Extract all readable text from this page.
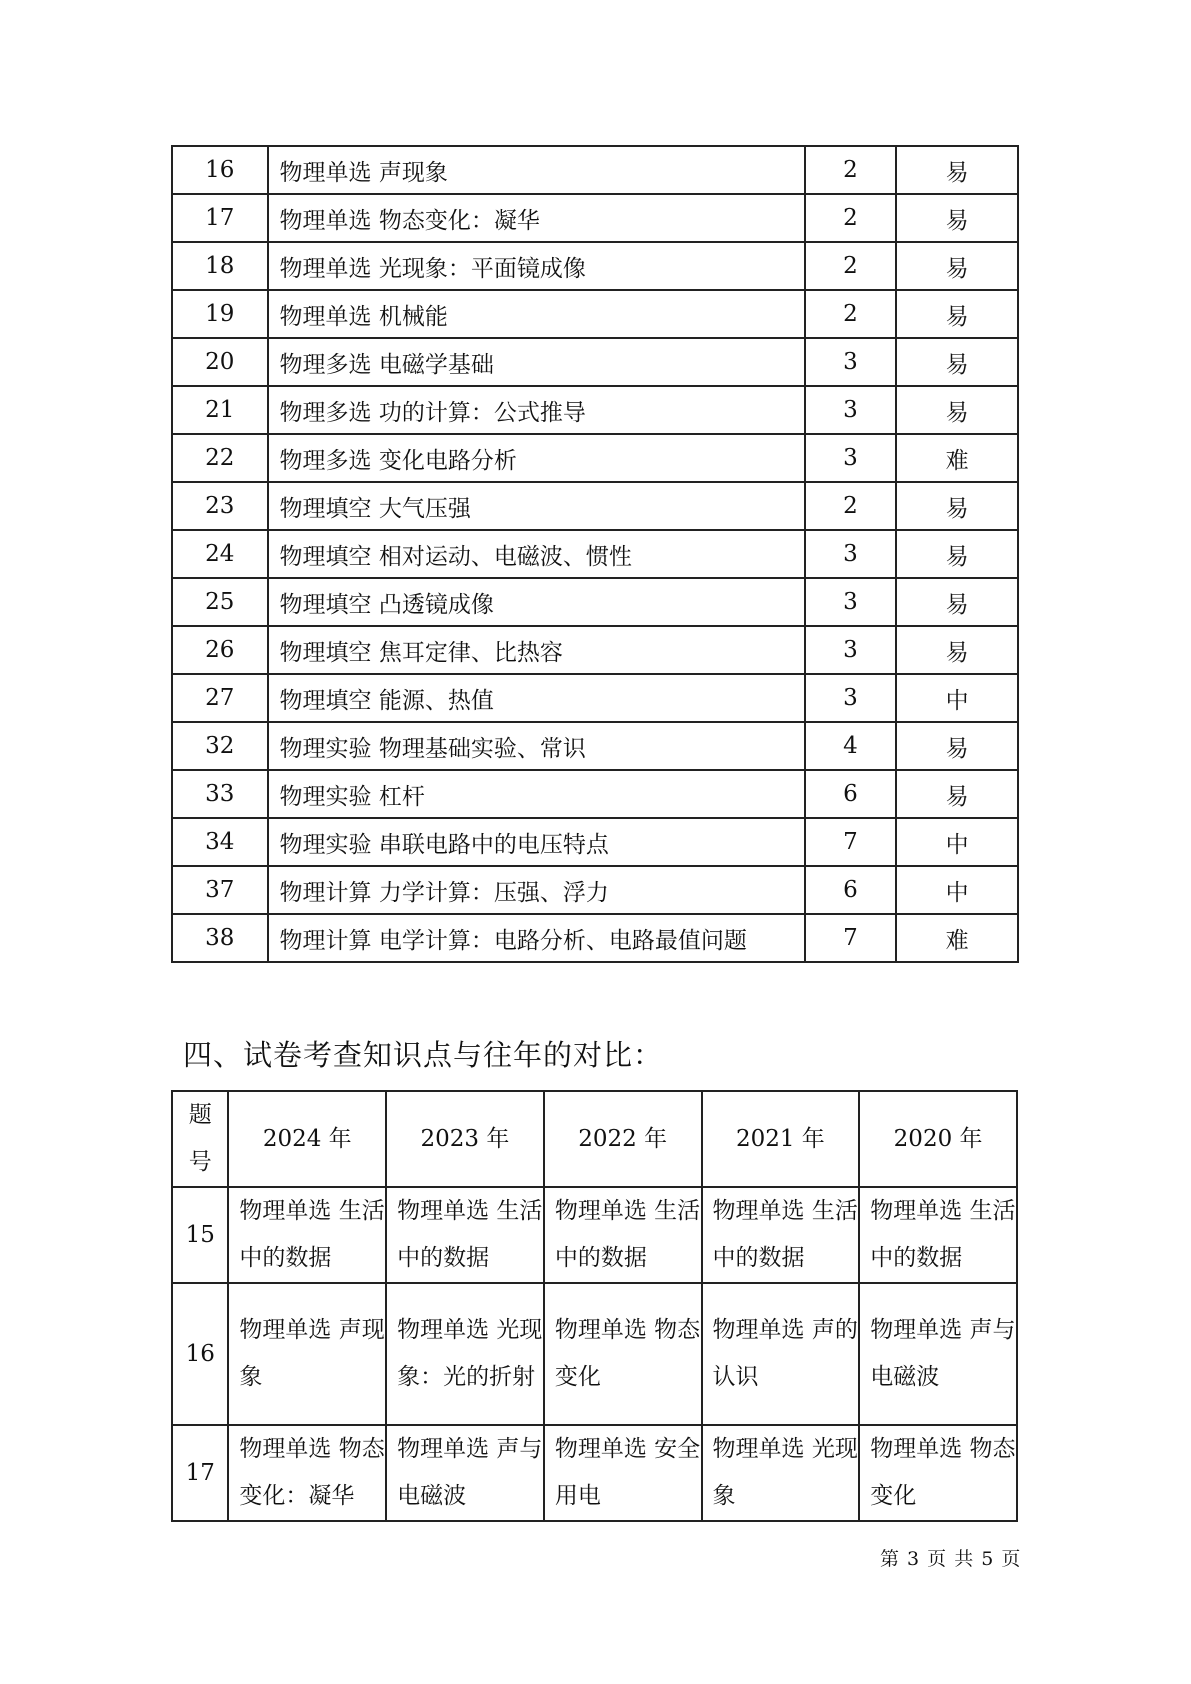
16	物理单选 声现象	2	易
17	物理单选 物态变化：凝华	2	易
18	物理单选 光现象：平面镜成像	2	易
19	物理单选 机械能	2	易
20	物理多选 电磁学基础	3	易
21	物理多选 功的计算：公式推导	3	易
22	物理多选 变化电路分析	3	难
23	物理填空 大气压强	2	易
24	物理填空 相对运动、电磁波、惯性	3	易
25	物理填空 凸透镜成像	3	易
26	物理填空 焦耳定律、比热容	3	易
27	物理填空 能源、热值	3	中
32	物理实验 物理基础实验、常识	4	易
33	物理实验 杠杆	6	易
34	物理实验 串联电路中的电压特点	7	中
37	物理计算 力学计算：压强、浮力	6	中
38	物理计算 电学计算：电路分析、电路最值问题	7	难
四、试卷考查知识点与往年的对比：
题号	2024 年	2023 年	2022 年	2021 年	2020 年
15	物理单选 生活中的数据	物理单选 生活中的数据	物理单选 生活中的数据	物理单选 生活中的数据	物理单选 生活中的数据
16	物理单选 声现象	物理单选 光现象：光的折射	物理单选 物态变化	物理单选 声的认识	物理单选 声与电磁波
17	物理单选 物态变化：凝华	物理单选 声与电磁波	物理单选 安全用电	物理单选 光现象	物理单选 物态变化
第 3 页 共 5 页
